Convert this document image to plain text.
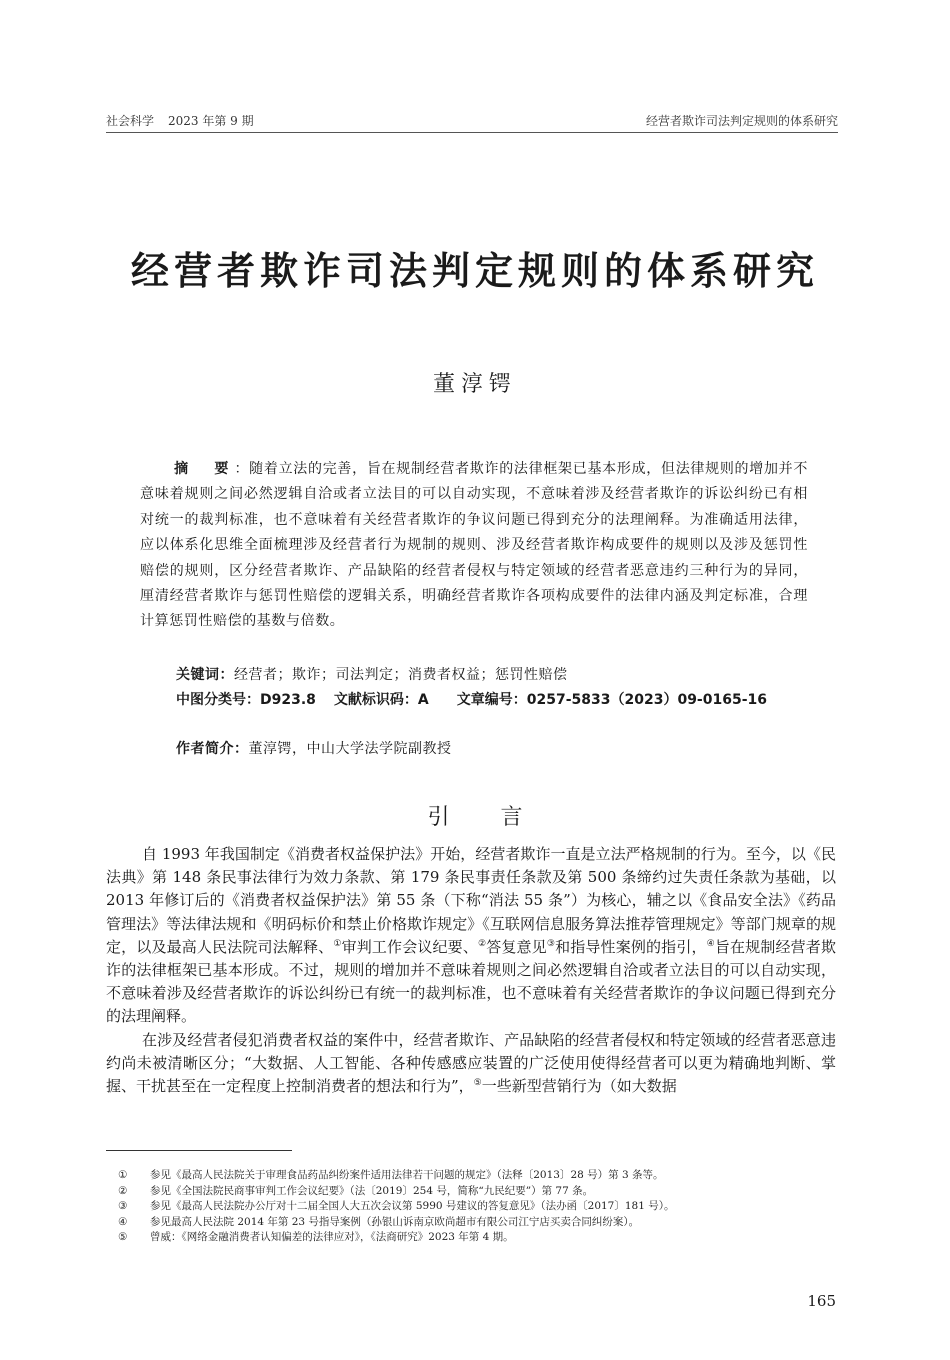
社会科学 2023 年第 9 期	经营者欺诈司法判定规则的体系研究
经营者欺诈司法判定规则的体系研究
董淳锷
摘　要：随着立法的完善，旨在规制经营者欺诈的法律框架已基本形成，但法律规则的增加并不意味着规则之间必然逻辑自洽或者立法目的可以自动实现，不意味着涉及经营者欺诈的诉讼纠纷已有相对统一的裁判标准，也不意味着有关经营者欺诈的争议问题已得到充分的法理阐释。为准确适用法律，应以体系化思维全面梳理涉及经营者行为规制的规则、涉及经营者欺诈构成要件的规则以及涉及惩罚性赔偿的规则，区分经营者欺诈、产品缺陷的经营者侵权与特定领域的经营者恶意违约三种行为的异同，厘清经营者欺诈与惩罚性赔偿的逻辑关系，明确经营者欺诈各项构成要件的法律内涵及判定标准，合理计算惩罚性赔偿的基数与倍数。
关键词：经营者；欺诈；司法判定；消费者权益；惩罚性赔偿
中图分类号：D923.8 文献标识码：A 文章编号：0257-5833（2023）09-0165-16
作者简介：董淳锷，中山大学法学院副教授
引 言

自 1993 年我国制定《消费者权益保护法》开始，经营者欺诈一直是立法严格规制的行为。至今，以《民法典》第 148 条民事法律行为效力条款、第 179 条民事责任条款及第 500 条缔约过失责任条款为基础，以 2013 年修订后的《消费者权益保护法》第 55 条（下称“消法 55 条”）为核心，辅之以《食品安全法》《药品管理法》等法律法规和《明码标价和禁止价格欺诈规定》《互联网信息服务算法推荐管理规定》等部门规章的规定，以及最高人民法院司法解释、①审判工作会议纪要、②答复意见③和指导性案例的指引，④旨在规制经营者欺诈的法律框架已基本形成。不过，规则的增加并不意味着规则之间必然逻辑自洽或者立法目的可以自动实现，不意味着涉及经营者欺诈的诉讼纠纷已有统一的裁判标准，也不意味着有关经营者欺诈的争议问题已得到充分的法理阐释。

在涉及经营者侵犯消费者权益的案件中，经营者欺诈、产品缺陷的经营者侵权和特定领域的经营者恶意违约尚未被清晰区分；“大数据、人工智能、各种传感感应装置的广泛使用使得经营者可以更为精确地判断、掌握、干扰甚至在一定程度上控制消费者的想法和行为”，⑤一些新型营销行为（如大数据

① 参见《最高人民法院关于审理食品药品纠纷案件适用法律若干问题的规定》（法释〔2013〕28 号）第 3 条等。
② 参见《全国法院民商事审判工作会议纪要》（法〔2019〕254 号，简称“九民纪要”）第 77 条。
③ 参见《最高人民法院办公厅对十二届全国人大五次会议第 5990 号建议的答复意见》（法办函〔2017〕181 号）。
④ 参见最高人民法院 2014 年第 23 号指导案例（孙银山诉南京欧尚超市有限公司江宁店买卖合同纠纷案）。
⑤ 曾威：《网络金融消费者认知偏差的法律应对》，《法商研究》2023 年第 4 期。
165
